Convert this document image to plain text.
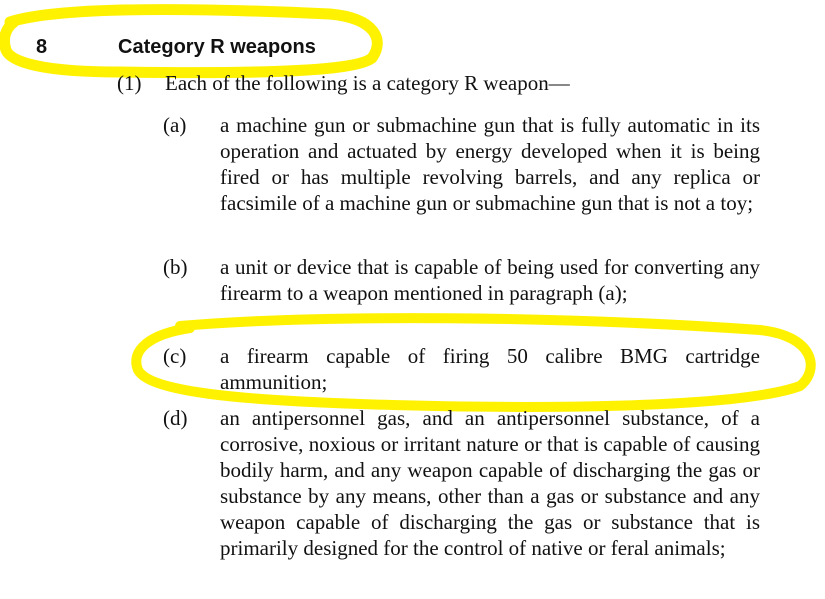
8	Category R weapons
(1) Each of the following is a category R weapon—
(a)	a machine gun or submachine gun that is fully automatic in its operation and actuated by energy developed when it is being fired or has multiple revolving barrels, and any replica or facsimile of a machine gun or submachine gun that is not a toy;
(b)	a unit or device that is capable of being used for converting any firearm to a weapon mentioned in paragraph (a);
(c)	a firearm capable of firing 50 calibre BMG cartridge ammunition;
(d)	an antipersonnel gas, and an antipersonnel substance, of a corrosive, noxious or irritant nature or that is capable of causing bodily harm, and any weapon capable of discharging the gas or substance by any means, other than a gas or substance and any weapon capable of discharging the gas or substance that is primarily designed for the control of native or feral animals;
